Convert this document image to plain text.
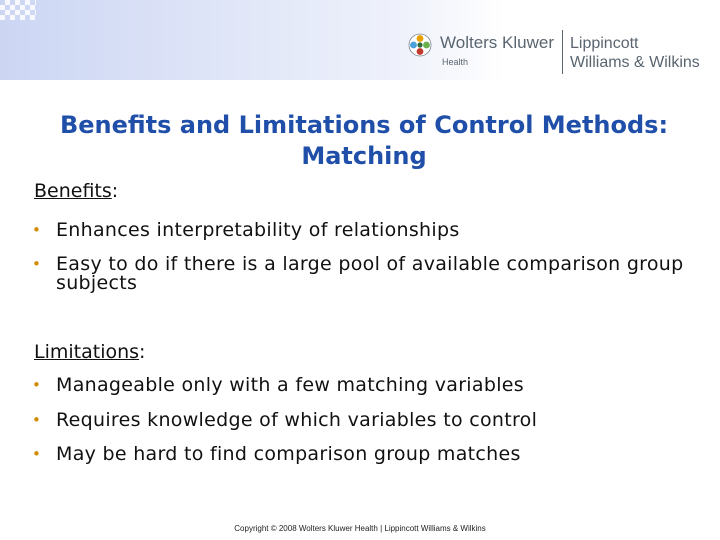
Wolters Kluwer
Health
Lippincott
Williams & Wilkins
Benefits and Limitations of Control Methods: Matching
Benefits:
• Enhances interpretability of relationships
• Easy to do if there is a large pool of available comparison group subjects
Limitations:
• Manageable only with a few matching variables
• Requires knowledge of which variables to control
• May be hard to find comparison group matches
Copyright © 2008 Wolters Kluwer Health | Lippincott Williams & Wilkins
